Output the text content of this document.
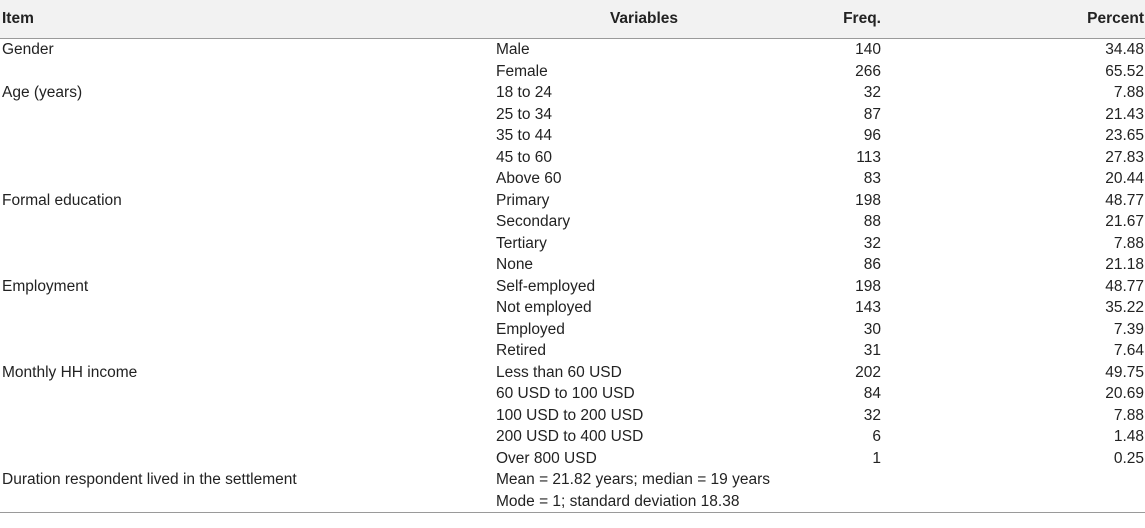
Item	Variables	Freq.	Percent
Gender	Male	140	34.48
	Female	266	65.52
Age (years)	18 to 24	32	7.88
	25 to 34	87	21.43
	35 to 44	96	23.65
	45 to 60	113	27.83
	Above 60	83	20.44
Formal education	Primary	198	48.77
	Secondary	88	21.67
	Tertiary	32	7.88
	None	86	21.18
Employment	Self-employed	198	48.77
	Not employed	143	35.22
	Employed	30	7.39
	Retired	31	7.64
Monthly HH income	Less than 60 USD	202	49.75
	60 USD to 100 USD	84	20.69
	100 USD to 200 USD	32	7.88
	200 USD to 400 USD	6	1.48
	Over 800 USD	1	0.25
Duration respondent lived in the settlement	Mean = 21.82 years; median = 19 years		
	Mode = 1; standard deviation 18.38		
